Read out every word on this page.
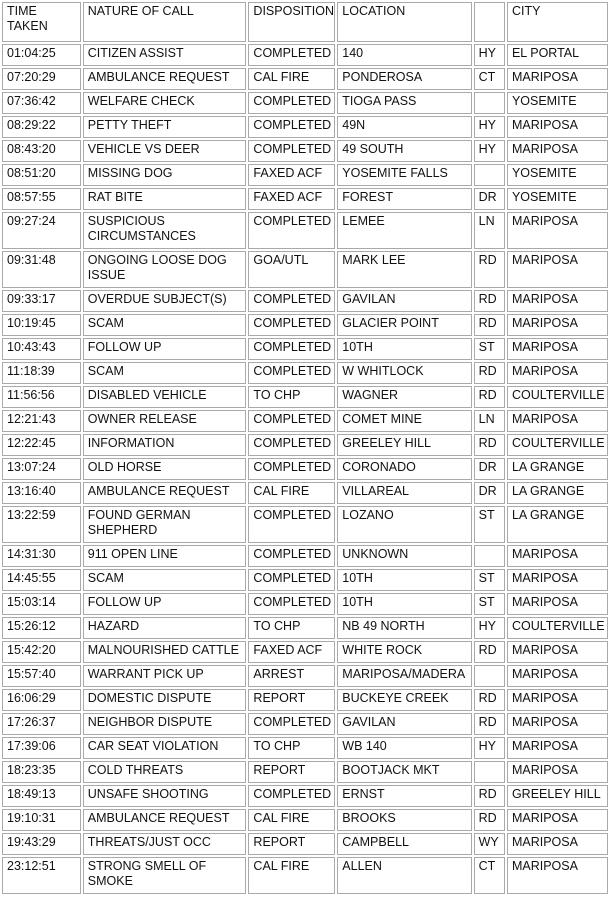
TIME TAKEN	NATURE OF CALL	DISPOSITION	LOCATION		CITY
01:04:25	CITIZEN ASSIST	COMPLETED	140	HY	EL PORTAL
07:20:29	AMBULANCE REQUEST	CAL FIRE	PONDEROSA	CT	MARIPOSA
07:36:42	WELFARE CHECK	COMPLETED	TIOGA PASS		YOSEMITE
08:29:22	PETTY THEFT	COMPLETED	49N	HY	MARIPOSA
08:43:20	VEHICLE VS DEER	COMPLETED	49 SOUTH	HY	MARIPOSA
08:51:20	MISSING DOG	FAXED ACF	YOSEMITE FALLS		YOSEMITE
08:57:55	RAT BITE	FAXED ACF	FOREST	DR	YOSEMITE
09:27:24	SUSPICIOUS CIRCUMSTANCES	COMPLETED	LEMEE	LN	MARIPOSA
09:31:48	ONGOING LOOSE DOG ISSUE	GOA/UTL	MARK LEE	RD	MARIPOSA
09:33:17	OVERDUE SUBJECT(S)	COMPLETED	GAVILAN	RD	MARIPOSA
10:19:45	SCAM	COMPLETED	GLACIER POINT	RD	MARIPOSA
10:43:43	FOLLOW UP	COMPLETED	10TH	ST	MARIPOSA
11:18:39	SCAM	COMPLETED	W WHITLOCK	RD	MARIPOSA
11:56:56	DISABLED VEHICLE	TO CHP	WAGNER	RD	COULTERVILLE
12:21:43	OWNER RELEASE	COMPLETED	COMET MINE	LN	MARIPOSA
12:22:45	INFORMATION	COMPLETED	GREELEY HILL	RD	COULTERVILLE
13:07:24	OLD HORSE	COMPLETED	CORONADO	DR	LA GRANGE
13:16:40	AMBULANCE REQUEST	CAL FIRE	VILLAREAL	DR	LA GRANGE
13:22:59	FOUND GERMAN SHEPHERD	COMPLETED	LOZANO	ST	LA GRANGE
14:31:30	911 OPEN LINE	COMPLETED	UNKNOWN		MARIPOSA
14:45:55	SCAM	COMPLETED	10TH	ST	MARIPOSA
15:03:14	FOLLOW UP	COMPLETED	10TH	ST	MARIPOSA
15:26:12	HAZARD	TO CHP	NB 49 NORTH	HY	COULTERVILLE
15:42:20	MALNOURISHED CATTLE	FAXED ACF	WHITE ROCK	RD	MARIPOSA
15:57:40	WARRANT PICK UP	ARREST	MARIPOSA/MADERA		MARIPOSA
16:06:29	DOMESTIC DISPUTE	REPORT	BUCKEYE CREEK	RD	MARIPOSA
17:26:37	NEIGHBOR DISPUTE	COMPLETED	GAVILAN	RD	MARIPOSA
17:39:06	CAR SEAT VIOLATION	TO CHP	WB 140	HY	MARIPOSA
18:23:35	COLD THREATS	REPORT	BOOTJACK MKT		MARIPOSA
18:49:13	UNSAFE SHOOTING	COMPLETED	ERNST	RD	GREELEY HILL
19:10:31	AMBULANCE REQUEST	CAL FIRE	BROOKS	RD	MARIPOSA
19:43:29	THREATS/JUST OCC	REPORT	CAMPBELL	WY	MARIPOSA
23:12:51	STRONG SMELL OF SMOKE	CAL FIRE	ALLEN	CT	MARIPOSA
